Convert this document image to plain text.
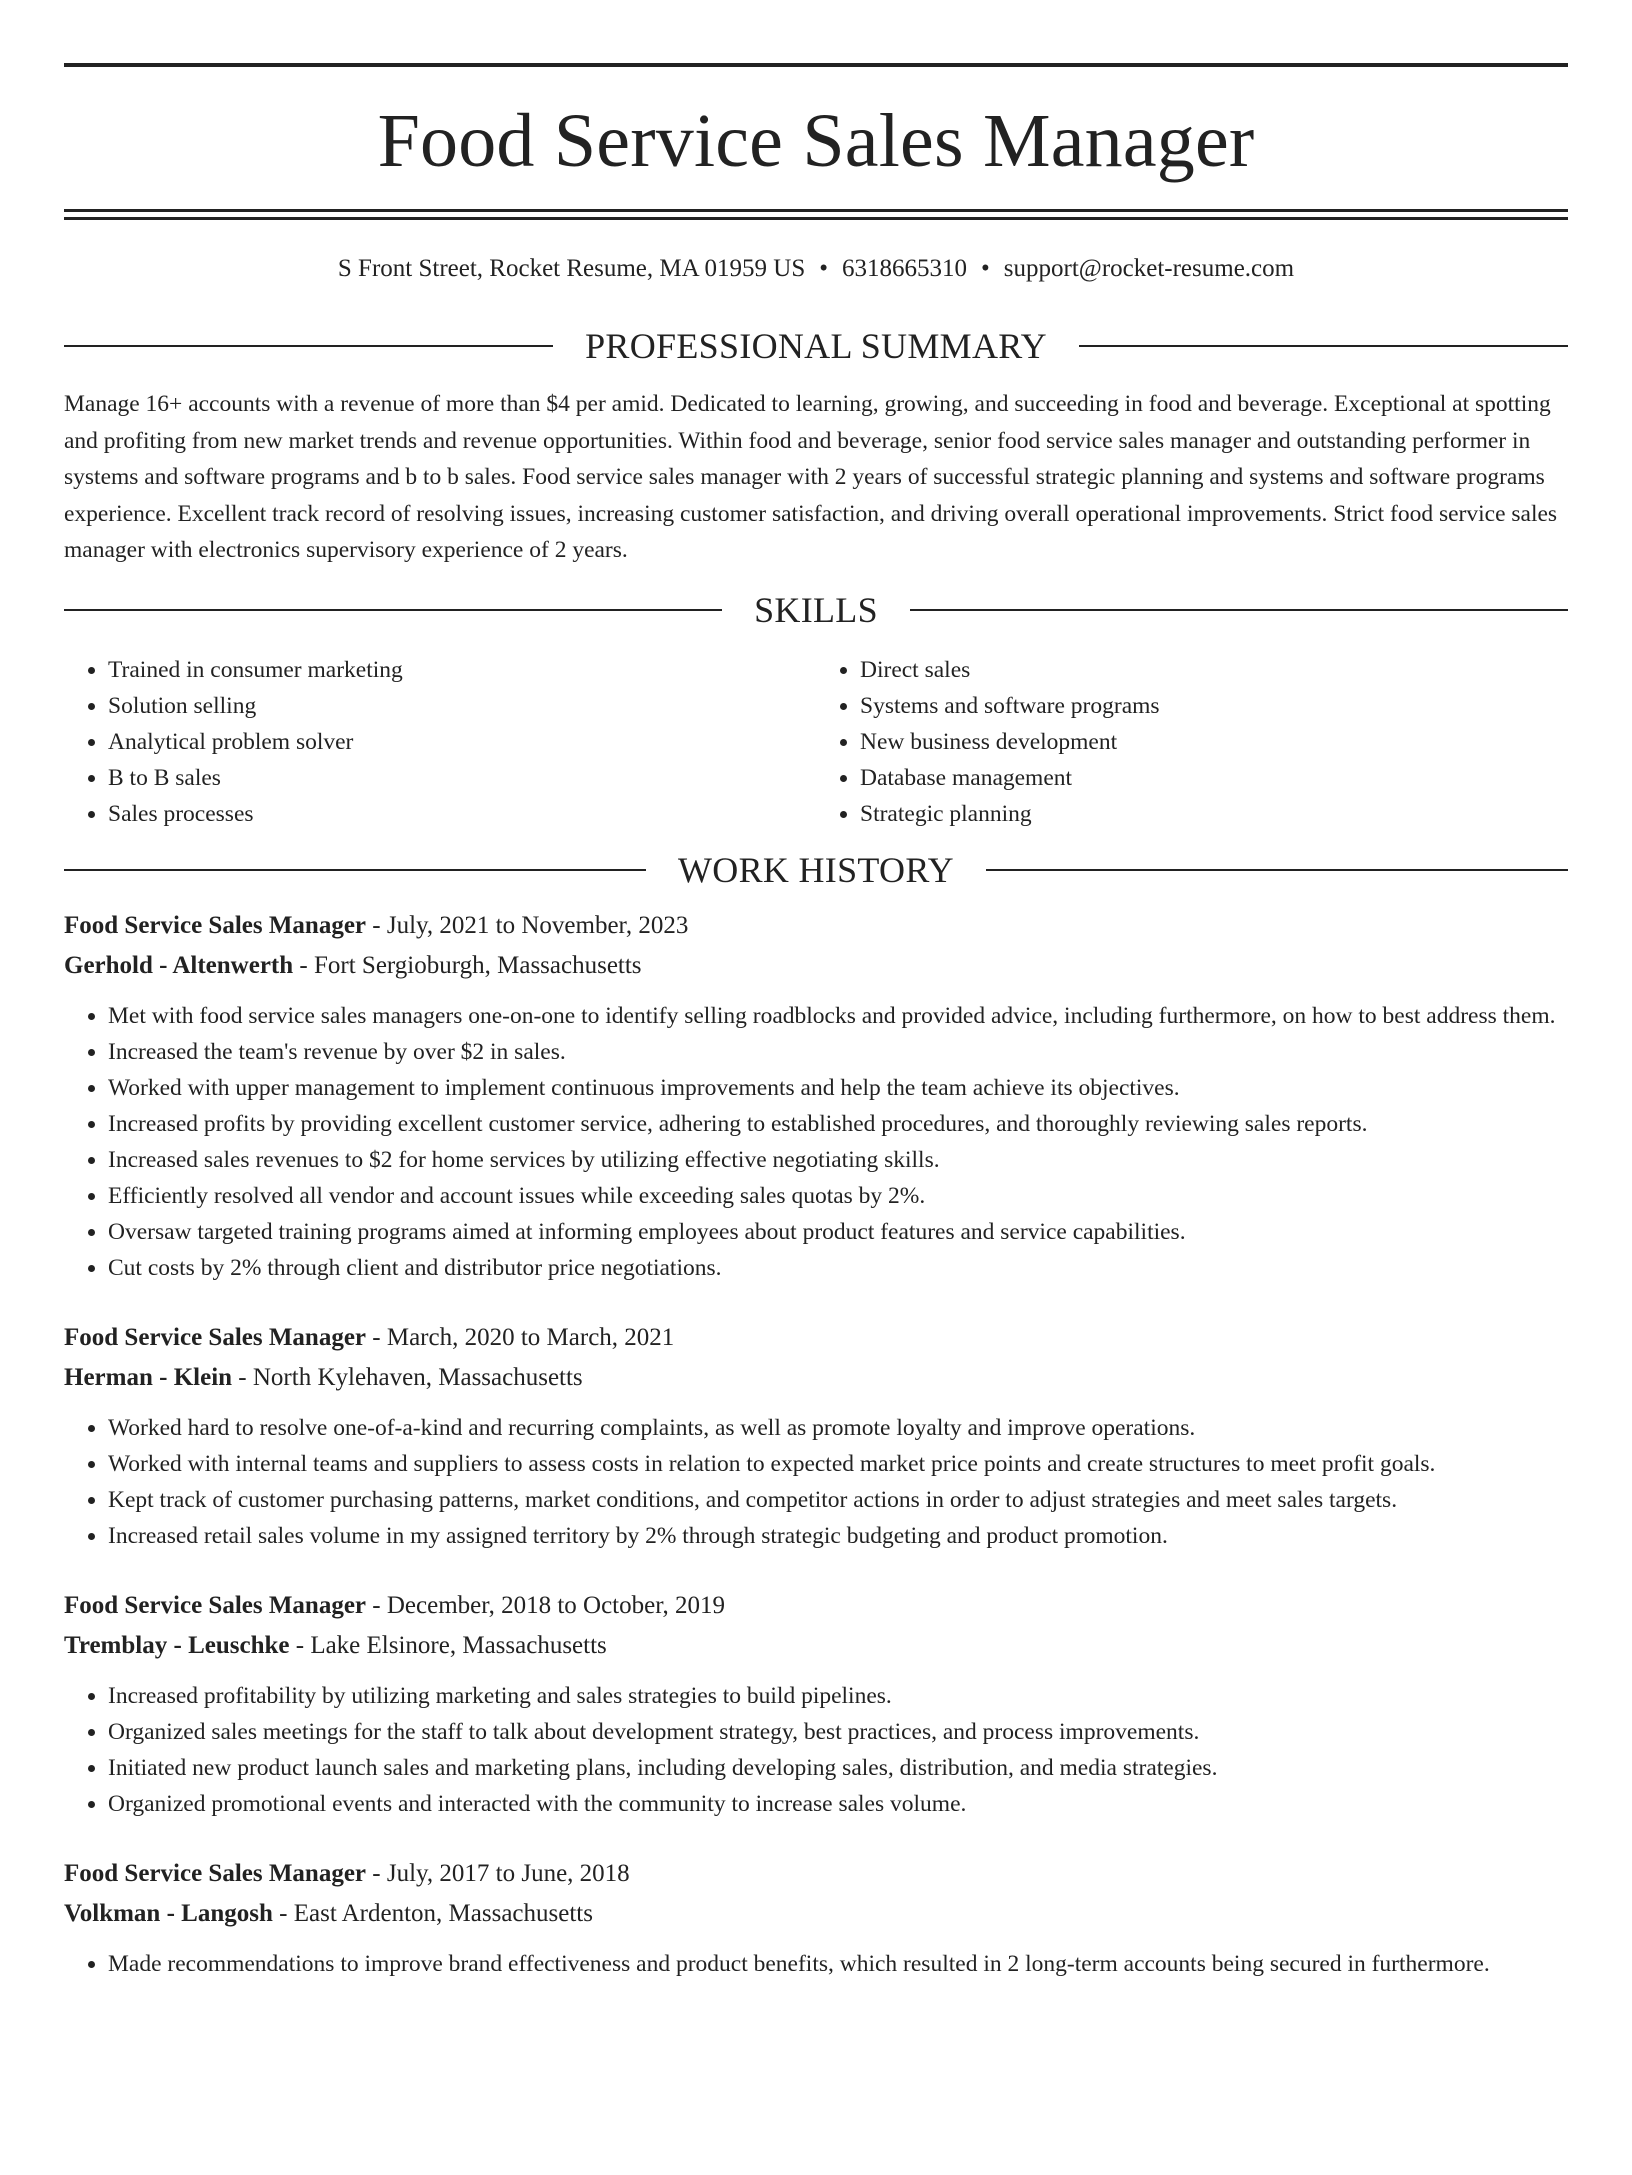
Food Service Sales Manager
S Front Street, Rocket Resume, MA 01959 US • 6318665310 • support@rocket-resume.com
PROFESSIONAL SUMMARY

Manage 16+ accounts with a revenue of more than $4 per amid. Dedicated to learning, growing, and succeeding in food and beverage. Exceptional at spotting and profiting from new market trends and revenue opportunities. Within food and beverage, senior food service sales manager and outstanding performer in systems and software programs and b to b sales. Food service sales manager with 2 years of successful strategic planning and systems and software programs experience. Excellent track record of resolving issues, increasing customer satisfaction, and driving overall operational improvements. Strict food service sales manager with electronics supervisory experience of 2 years.

SKILLS
• Trained in consumer marketing
• Solution selling
• Analytical problem solver
• B to B sales
• Sales processes
• Direct sales
• Systems and software programs
• New business development
• Database management
• Strategic planning
WORK HISTORY
Food Service Sales Manager - July, 2021 to November, 2023
Gerhold - Altenwerth - Fort Sergioburgh, Massachusetts
• Met with food service sales managers one-on-one to identify selling roadblocks and provided advice, including furthermore, on how to best address them.
• Increased the team's revenue by over $2 in sales.
• Worked with upper management to implement continuous improvements and help the team achieve its objectives.
• Increased profits by providing excellent customer service, adhering to established procedures, and thoroughly reviewing sales reports.
• Increased sales revenues to $2 for home services by utilizing effective negotiating skills.
• Efficiently resolved all vendor and account issues while exceeding sales quotas by 2%.
• Oversaw targeted training programs aimed at informing employees about product features and service capabilities.
• Cut costs by 2% through client and distributor price negotiations.
Food Service Sales Manager - March, 2020 to March, 2021
Herman - Klein - North Kylehaven, Massachusetts
• Worked hard to resolve one-of-a-kind and recurring complaints, as well as promote loyalty and improve operations.
• Worked with internal teams and suppliers to assess costs in relation to expected market price points and create structures to meet profit goals.
• Kept track of customer purchasing patterns, market conditions, and competitor actions in order to adjust strategies and meet sales targets.
• Increased retail sales volume in my assigned territory by 2% through strategic budgeting and product promotion.
Food Service Sales Manager - December, 2018 to October, 2019
Tremblay - Leuschke - Lake Elsinore, Massachusetts
• Increased profitability by utilizing marketing and sales strategies to build pipelines.
• Organized sales meetings for the staff to talk about development strategy, best practices, and process improvements.
• Initiated new product launch sales and marketing plans, including developing sales, distribution, and media strategies.
• Organized promotional events and interacted with the community to increase sales volume.
Food Service Sales Manager - July, 2017 to June, 2018
Volkman - Langosh - East Ardenton, Massachusetts
• Made recommendations to improve brand effectiveness and product benefits, which resulted in 2 long-term accounts being secured in furthermore.
